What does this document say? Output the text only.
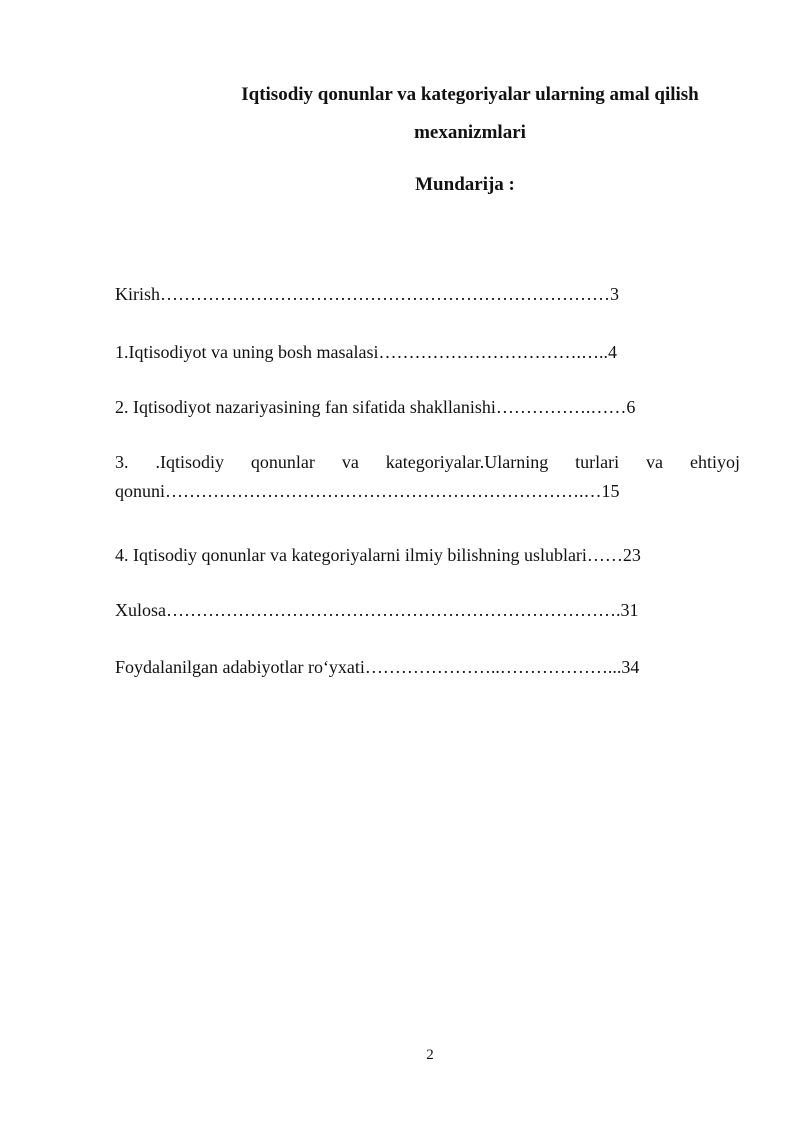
Iqtisodiy qonunlar va kategoriyalar ularning amal qilish
mexanizmlari
Mundarija :
Kirish…………………………………………………………………3
1.Iqtisodiyot va uning bosh masalasi…………………………….…..4
2. Iqtisodiyot nazariyasining fan sifatida shakllanishi…………….……6
3. .Iqtisodiy qonunlar va kategoriyalar.Ularning turlari va ehtiyoj qonuni…………………………………………………………….…15
4. Iqtisodiy qonunlar va kategoriyalarni ilmiy bilishning uslublari……23
Xulosa………………………………………………………………….31
Foydalanilgan adabiyotlar ro‘yxati…………………..………………...34
2
